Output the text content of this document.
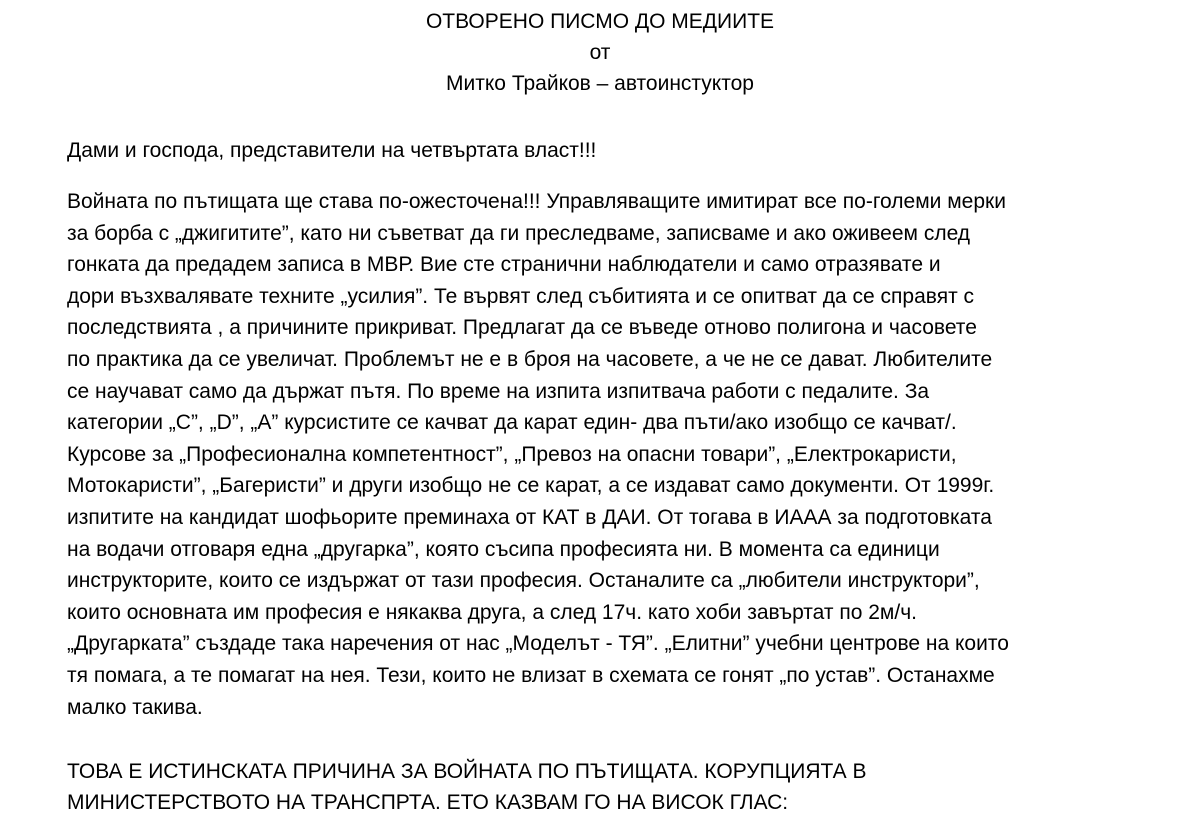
ОТВОРЕНО ПИСМО ДО МЕДИИТЕ
от
Митко Трайков – автоинстуктор
Дами и господа, представители на четвъртата власт!!!
Войната по пътищата ще става по-ожесточена!!! Управляващите имитират все по-големи мерки
за борба с „джигитите”, като ни съветват да ги преследваме, записваме и ако оживеем след
гонката да предадем записа в МВР. Вие сте странични наблюдатели и само отразявате и
дори възхвалявате техните „усилия”. Те вървят след събитията и се опитват да се справят с
последствията , а причините прикриват. Предлагат да се въведе отново полигона и часовете
по практика да се увеличат. Проблемът не е в броя на часовете, а че не се дават. Любителите
се научават само да държат пътя. По време на изпита изпитвача работи с педалите. За
категории „С”, „D”, „А” курсистите се качват да карат един- два пъти/ако изобщо се качват/.
Курсове за „Професионална компетентност”, „Превоз на опасни товари”, „Електрокаристи,
Мотокаристи”, „Багеристи” и други изобщо не се карат, а се издават само документи. От 1999г.
изпитите на кандидат шофьорите преминаха от КАТ в ДАИ. От тогава в ИААА за подготовката
на водачи отговаря една „другарка”, която съсипа професията ни. В момента са единици
инструкторите, които се издържат от тази професия. Останалите са „любители инструктори”,
които основната им професия е някаква друга, а след 17ч. като хоби завъртат по 2м/ч.
„Другарката” създаде така наречения от нас „Моделът - ТЯ”. „Елитни” учебни центрове на които
тя помага, а те помагат на нея. Тези, които не влизат в схемата се гонят „по устав”. Останахме
малко такива.
ТОВА Е ИСТИНСКАТА ПРИЧИНА ЗА ВОЙНАТА ПО ПЪТИЩАТА. КОРУПЦИЯТА В
МИНИСТЕРСТВОТО НА ТРАНСПРТА. ЕТО КАЗВАМ ГО НА ВИСОК ГЛАС:
